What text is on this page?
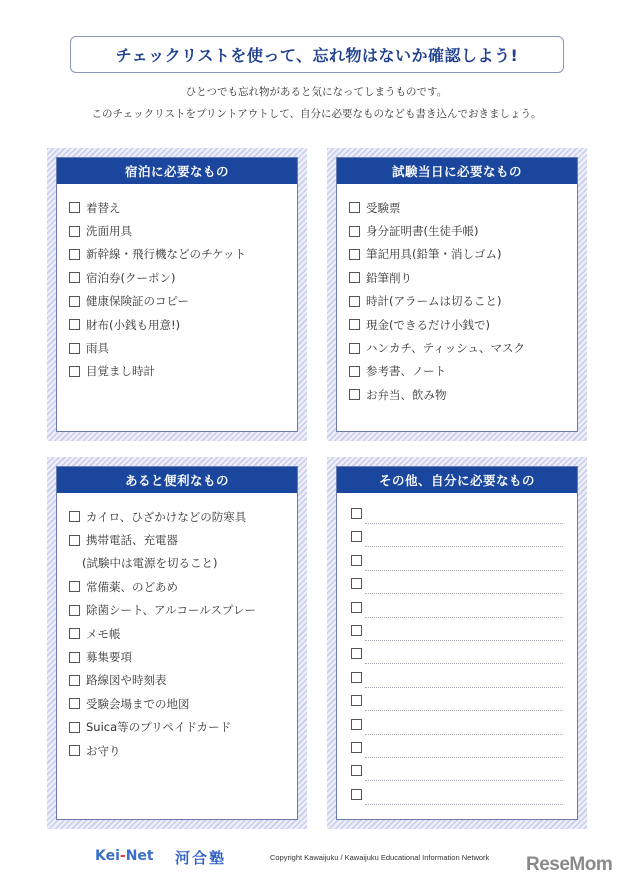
チェックリストを使って、忘れ物はないか確認しよう!
ひとつでも忘れ物があると気になってしまうものです。
このチェックリストをプリントアウトして、自分に必要なものなども書き込んでおきましょう。
宿泊に必要なもの
着替え
洗面用具
新幹線・飛行機などのチケット
宿泊券(クーポン)
健康保険証のコピー
財布(小銭も用意!)
雨具
目覚まし時計
試験当日に必要なもの
受験票
身分証明書(生徒手帳)
筆記用具(鉛筆・消しゴム)
鉛筆削り
時計(アラームは切ること)
現金(できるだけ小銭で)
ハンカチ、ティッシュ、マスク
参考書、ノート
お弁当、飲み物
あると便利なもの
カイロ、ひざかけなどの防寒具
携帯電話、充電器
(試験中は電源を切ること)
常備薬、のどあめ
除菌シート、アルコールスプレー
メモ帳
募集要項
路線図や時刻表
受験会場までの地図
Suica等のプリペイドカード
お守り
その他、自分に必要なもの
Kei-Net 河合塾	Copyright Kawaijuku / Kawaijuku Educational Information Network ReseMom
